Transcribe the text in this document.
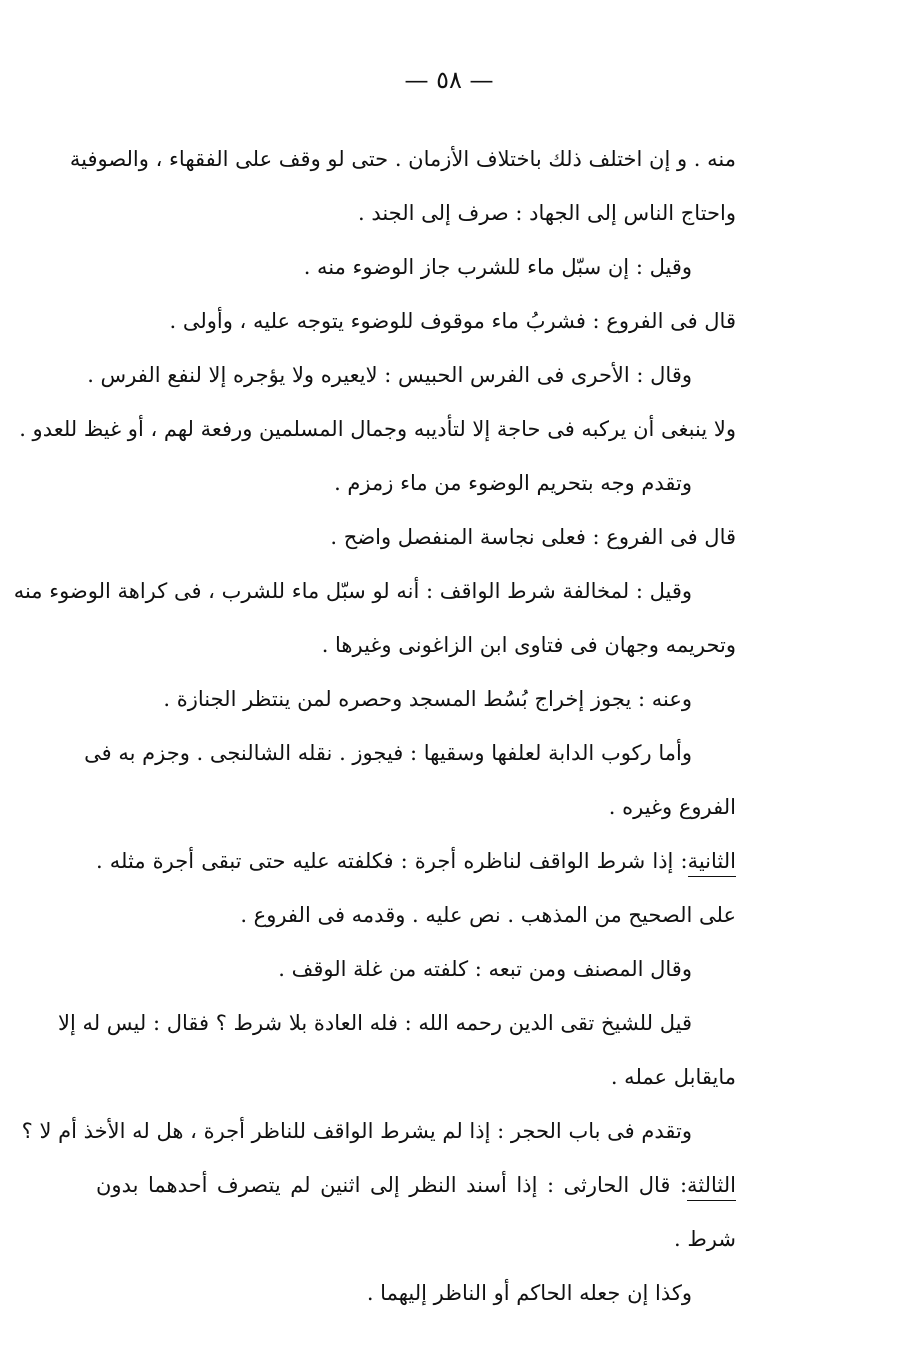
— ٥٨ —
منه . و إن اختلف ذلك باختلاف الأزمان . حتى لو وقف على الفقهاء ، والصوفية
واحتاج الناس إلى الجهاد : صرف إلى الجند .
وقيل : إن سبّل ماء للشرب جاز الوضوء منه .
قال فى الفروع : فشربُ ماء موقوف للوضوء يتوجه عليه ، وأولى .
وقال : الأحرى فى الفرس الحبيس : لايعيره ولا يؤجره إلا لنفع الفرس .
ولا ينبغى أن يركبه فى حاجة إلا لتأديبه وجمال المسلمين ورفعة لهم ، أو غيظ للعدو .
وتقدم وجه بتحريم الوضوء من ماء زمزم .
قال فى الفروع : فعلى نجاسة المنفصل واضح .
وقيل : لمخالفة شرط الواقف : أنه لو سبّل ماء للشرب ، فى كراهة الوضوء منه
وتحريمه وجهان فى فتاوى ابن الزاغونى وغيرها .
وعنه : يجوز إخراج بُسُط المسجد وحصره لمن ينتظر الجنازة .
وأما ركوب الدابة لعلفها وسقيها : فيجوز . نقله الشالنجى . وجزم به فى
الفروع وغيره .
الثانية: إذا شرط الواقف لناظره أجرة : فكلفته عليه حتى تبقى أجرة مثله .
على الصحيح من المذهب . نص عليه . وقدمه فى الفروع .
وقال المصنف ومن تبعه : كلفته من غلة الوقف .
قيل للشيخ تقى الدين رحمه الله : فله العادة بلا شرط ؟ فقال : ليس له إلا
مايقابل عمله .
وتقدم فى باب الحجر : إذا لم يشرط الواقف للناظر أجرة ، هل له الأخذ أم لا ؟
الثالثة: قال الحارثى : إذا أسند النظر إلى اثنين لم يتصرف أحدهما بدون
شرط .
وكذا إن جعله الحاكم أو الناظر إليهما .
